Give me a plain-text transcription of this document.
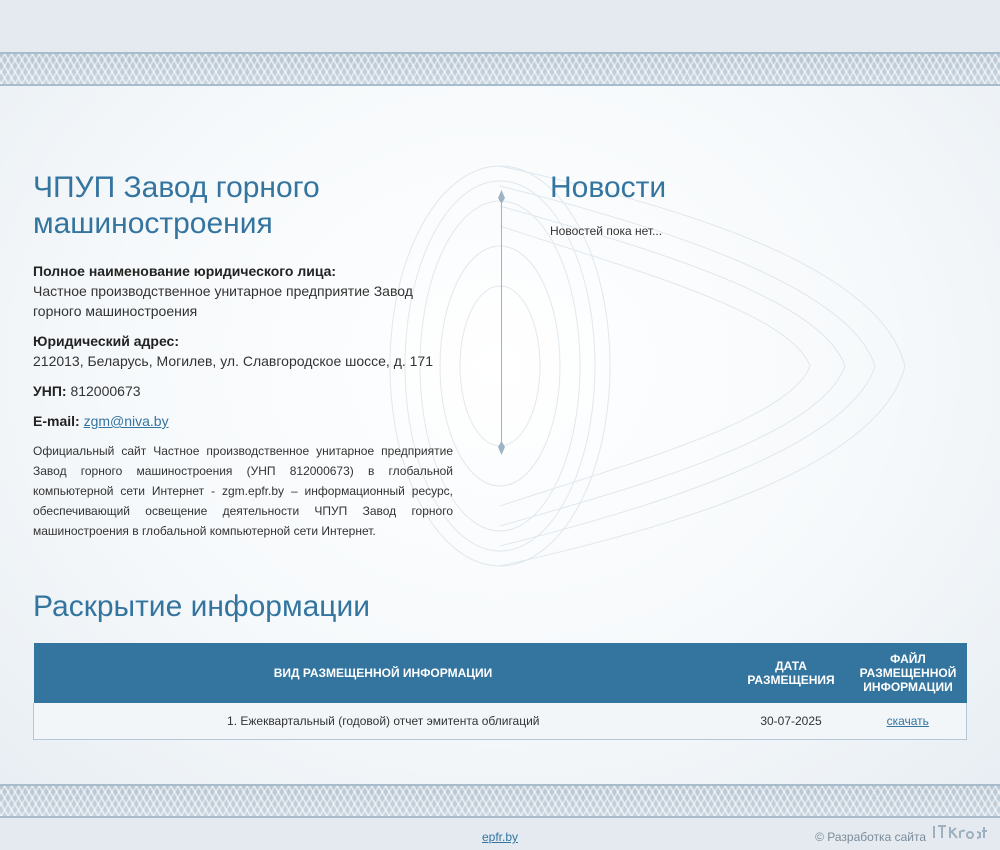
ЧПУП Завод горного машиностроения

Полное наименование юридического лица:
Частное производственное унитарное предприятие Завод горного машиностроения

Юридический адрес:
212013, Беларусь, Могилев, ул. Славгородское шоссе, д. 171

УНП: 812000673

E-mail: zgm@niva.by

Официальный сайт Частное производственное унитарное предприятие Завод горного машиностроения (УНП 812000673) в глобальной компьютерной сети Интернет - zgm.epfr.by – информационный ресурс, обеспечивающий освещение деятельности ЧПУП Завод горного машиностроения в глобальной компьютерной сети Интернет.

Новости
Новостей пока нет...
Раскрытие информации
ВИД РАЗМЕЩЕННОЙ ИНФОРМАЦИИ	ДАТА РАЗМЕЩЕНИЯ	ФАЙЛ РАЗМЕЩЕННОЙ ИНФОРМАЦИИ
1. Ежеквартальный (годовой) отчет эмитента облигаций	30-07-2025	скачать
epfr.by	© Разработка сайта
